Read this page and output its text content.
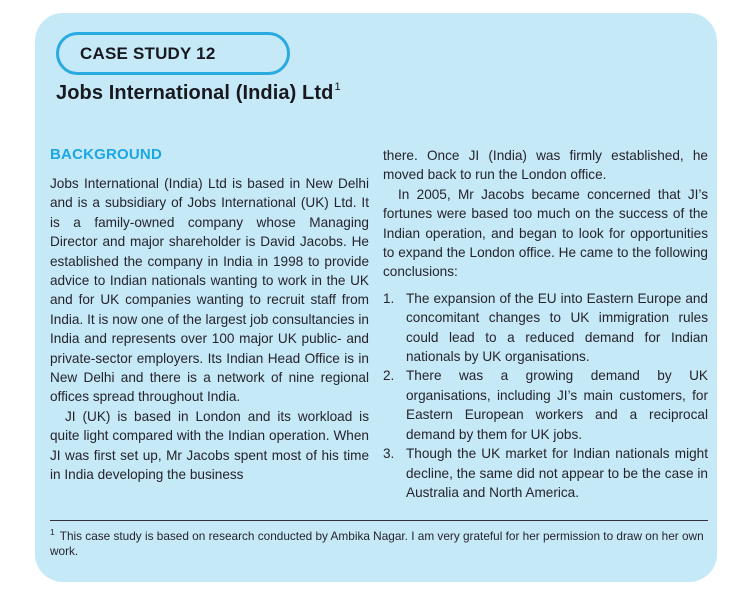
CASE STUDY 12
Jobs International (India) Ltd$^1$
BACKGROUND

Jobs International (India) Ltd is based in New Delhi and is a subsidiary of Jobs International (UK) Ltd. It is a family-owned company whose Managing Director and major shareholder is David Jacobs. He established the company in India in 1998 to provide advice to Indian nationals wanting to work in the UK and for UK companies wanting to recruit staff from India. It is now one of the largest job consultancies in India and represents over 100 major UK public- and private-sector employers. Its Indian Head Office is in New Delhi and there is a network of nine regional offices spread throughout India.

JI (UK) is based in London and its workload is quite light compared with the Indian operation. When JI was first set up, Mr Jacobs spent most of his time in India developing the business

there. Once JI (India) was firmly established, he moved back to run the London office.

In 2005, Mr Jacobs became concerned that JI’s fortunes were based too much on the success of the Indian operation, and began to look for opportunities to expand the London office. He came to the following conclusions:

1. The expansion of the EU into Eastern Europe and concomitant changes to UK immigration rules could lead to a reduced demand for Indian nationals by UK organisations.
2. There was a growing demand by UK organisations, including JI’s main customers, for Eastern European workers and a reciprocal demand by them for UK jobs.
3. Though the UK market for Indian nationals might decline, the same did not appear to be the case in Australia and North America.

$^1$ This case study is based on research conducted by Ambika Nagar. I am very grateful for her permission to draw on her own work.
